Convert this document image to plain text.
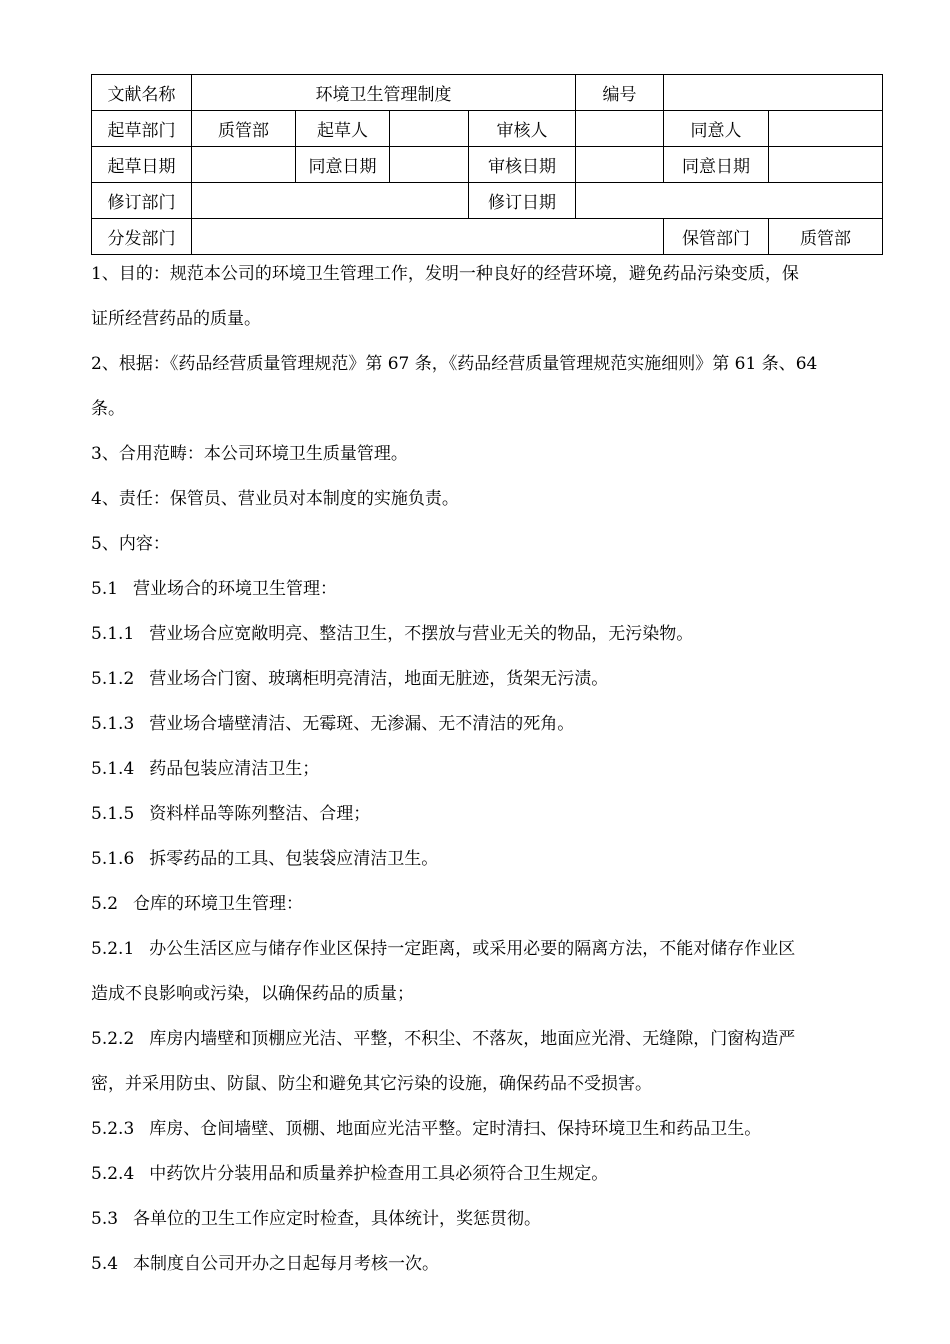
文献名称	环境卫生管理制度				编号		
起草部门	质管部	起草人		审核人		同意人	
起草日期		同意日期		审核日期		同意日期	
修订部门				修订日期			
分发部门						保管部门	质管部
1、目的：规范本公司的环境卫生管理工作，发明一种良好的经营环境，避免药品污染变质，保
证所经营药品的质量。
2、根据：《药品经营质量管理规范》第 67 条，《药品经营质量管理规范实施细则》第 61 条、64
条。
3、合用范畴：本公司环境卫生质量管理。
4、责任：保管员、营业员对本制度的实施负责。
5、内容：
5.1 营业场合的环境卫生管理：
5.1.1 营业场合应宽敞明亮、整洁卫生，不摆放与营业无关的物品，无污染物。
5.1.2 营业场合门窗、玻璃柜明亮清洁，地面无脏迹，货架无污渍。
5.1.3 营业场合墙壁清洁、无霉斑、无渗漏、无不清洁的死角。
5.1.4 药品包装应清洁卫生；
5.1.5 资料样品等陈列整洁、合理；
5.1.6 拆零药品的工具、包装袋应清洁卫生。
5.2 仓库的环境卫生管理：
5.2.1 办公生活区应与储存作业区保持一定距离，或采用必要的隔离方法，不能对储存作业区
造成不良影响或污染，以确保药品的质量；
5.2.2 库房内墙壁和顶棚应光洁、平整，不积尘、不落灰，地面应光滑、无缝隙，门窗构造严
密，并采用防虫、防鼠、防尘和避免其它污染的设施，确保药品不受损害。
5.2.3 库房、仓间墙壁、顶棚、地面应光洁平整。定时清扫、保持环境卫生和药品卫生。
5.2.4 中药饮片分装用品和质量养护检查用工具必须符合卫生规定。
5.3 各单位的卫生工作应定时检查，具体统计，奖惩贯彻。
5.4 本制度自公司开办之日起每月考核一次。
